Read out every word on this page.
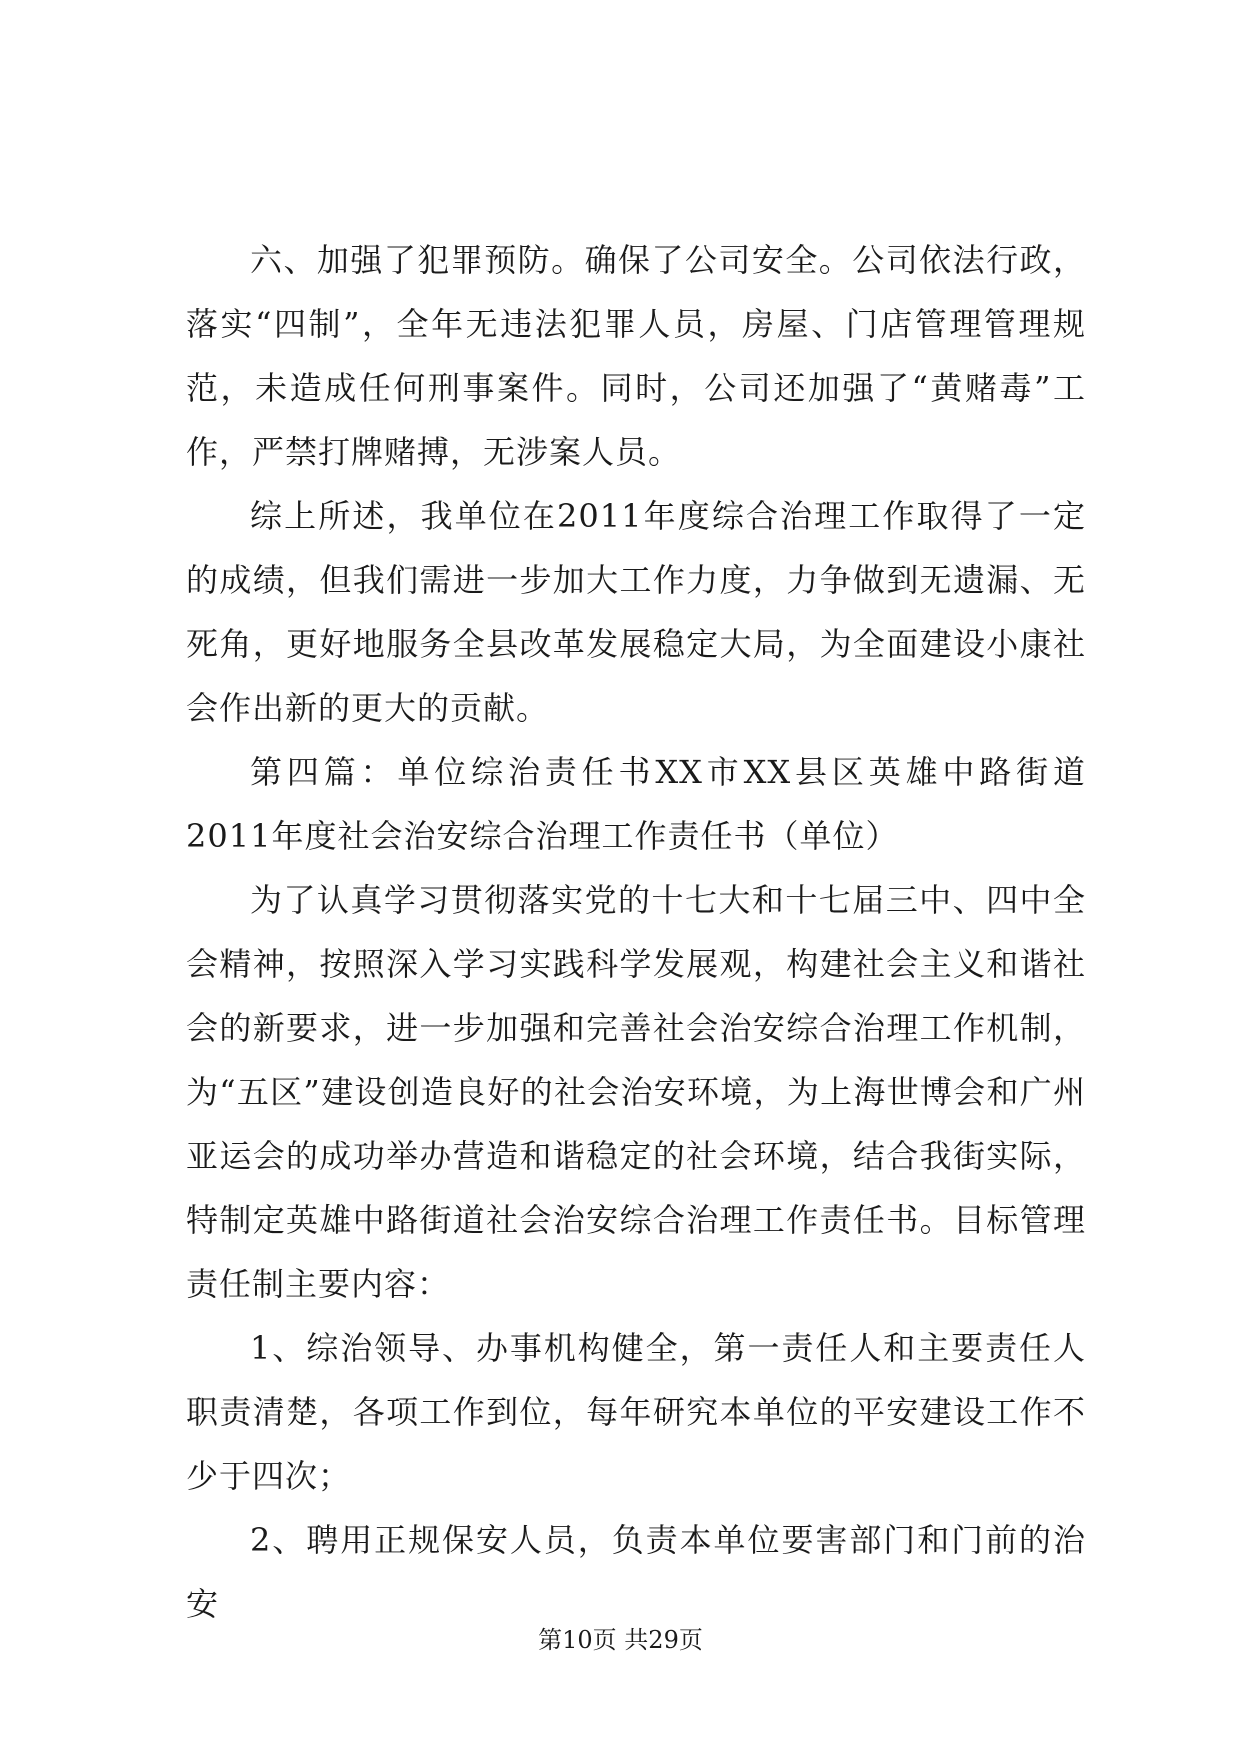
六、加强了犯罪预防。确保了公司安全。公司依法行政，落实“四制”，全年无违法犯罪人员，房屋、门店管理管理规范，未造成任何刑事案件。同时，公司还加强了“黄赌毒”工作，严禁打牌赌搏，无涉案人员。

综上所述，我单位在2011年度综合治理工作取得了一定的成绩，但我们需进一步加大工作力度，力争做到无遗漏、无死角，更好地服务全县改革发展稳定大局，为全面建设小康社会作出新的更大的贡献。

第四篇：单位综治责任书XX市XX县区英雄中路街道2011年度社会治安综合治理工作责任书（单位）

为了认真学习贯彻落实党的十七大和十七届三中、四中全会精神，按照深入学习实践科学发展观，构建社会主义和谐社会的新要求，进一步加强和完善社会治安综合治理工作机制，为“五区”建设创造良好的社会治安环境，为上海世博会和广州亚运会的成功举办营造和谐稳定的社会环境，结合我街实际，特制定英雄中路街道社会治安综合治理工作责任书。目标管理责任制主要内容：

1、综治领导、办事机构健全，第一责任人和主要责任人职责清楚，各项工作到位，每年研究本单位的平安建设工作不少于四次；

2、聘用正规保安人员，负责本单位要害部门和门前的治安

第10页 共29页
